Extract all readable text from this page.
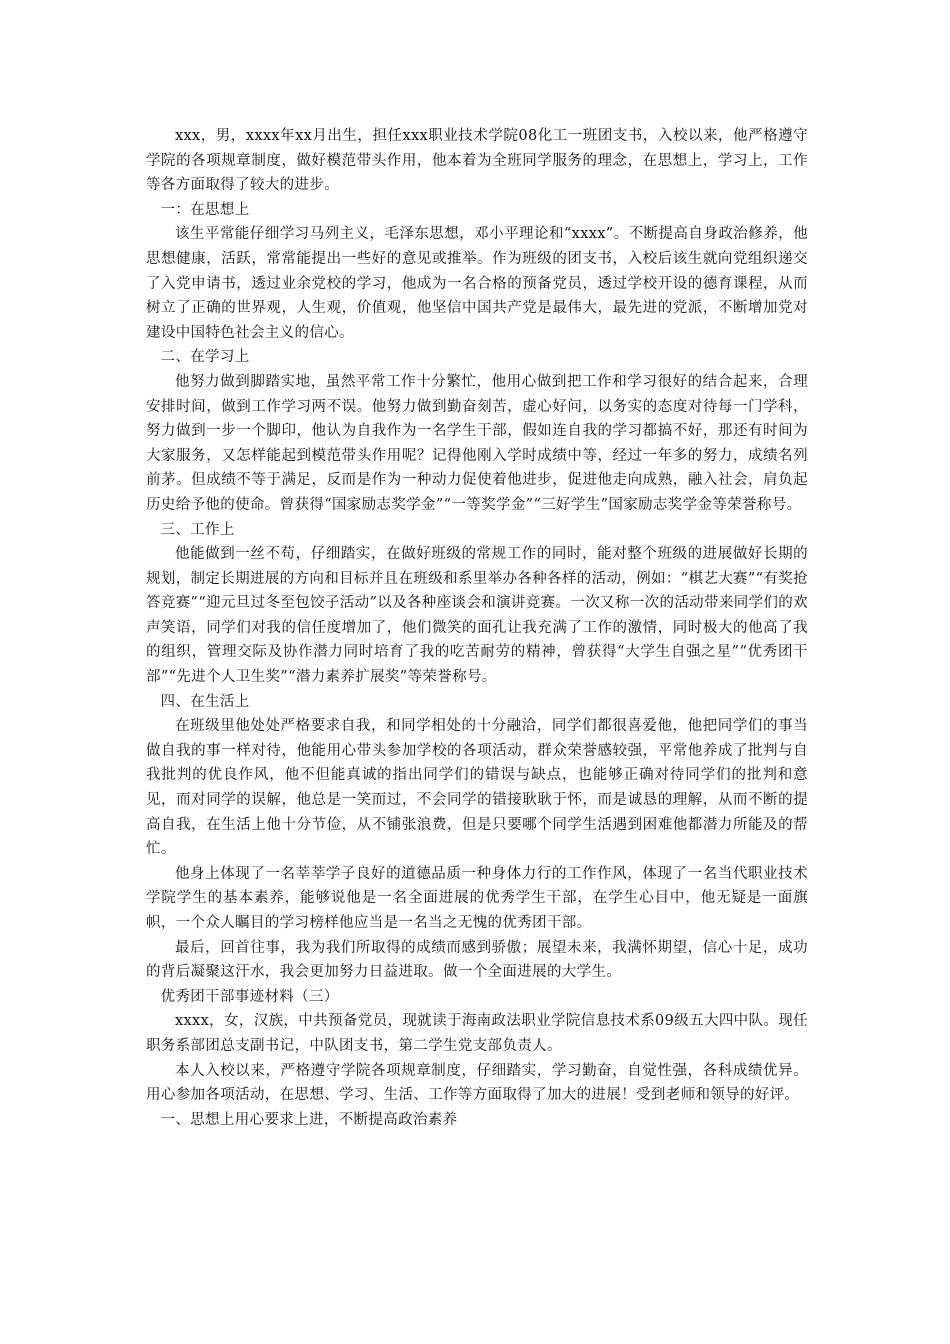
xxx，男，xxxx年xx月出生，担任xxx职业技术学院08化工一班团支书，入校以来，他严格遵守学院的各项规章制度，做好模范带头作用，他本着为全班同学服务的理念，在思想上，学习上，工作等各方面取得了较大的进步。

一：在思想上

该生平常能仔细学习马列主义，毛泽东思想，邓小平理论和“xxxx”。不断提高自身政治修养，他思想健康，活跃，常常能提出一些好的意见或推举。作为班级的团支书，入校后该生就向党组织递交了入党申请书，透过业余党校的学习，他成为一名合格的预备党员，透过学校开设的德育课程，从而树立了正确的世界观，人生观，价值观，他坚信中国共产党是最伟大，最先进的党派，不断增加党对建设中国特色社会主义的信心。

二、在学习上

他努力做到脚踏实地，虽然平常工作十分繁忙，他用心做到把工作和学习很好的结合起来，合理安排时间，做到工作学习两不误。他努力做到勤奋刻苦，虚心好问，以务实的态度对待每一门学科，努力做到一步一个脚印，他认为自我作为一名学生干部，假如连自我的学习都搞不好，那还有时间为大家服务，又怎样能起到模范带头作用呢？记得他刚入学时成绩中等，经过一年多的努力，成绩名列前茅。但成绩不等于满足，反而是作为一种动力促使着他进步，促进他走向成熟，融入社会，肩负起历史给予他的使命。曾获得“国家励志奖学金”“一等奖学金”“三好学生”国家励志奖学金等荣誉称号。

三、工作上

他能做到一丝不苟，仔细踏实，在做好班级的常规工作的同时，能对整个班级的进展做好长期的规划，制定长期进展的方向和目标并且在班级和系里举办各种各样的活动，例如：“棋艺大赛”“有奖抢答竞赛”“迎元旦过冬至包饺子活动”以及各种座谈会和演讲竞赛。一次又称一次的活动带来同学们的欢声笑语，同学们对我的信任度增加了，他们微笑的面孔让我充满了工作的激情，同时极大的他高了我的组织，管理交际及协作潜力同时培育了我的吃苦耐劳的精神，曾获得“大学生自强之星”“优秀团干部”“先进个人卫生奖”“潜力素养扩展奖”等荣誉称号。

四、在生活上

在班级里他处处严格要求自我，和同学相处的十分融洽，同学们都很喜爱他，他把同学们的事当做自我的事一样对待，他能用心带头参加学校的各项活动，群众荣誉感较强，平常他养成了批判与自我批判的优良作风，他不但能真诚的指出同学们的错误与缺点，也能够正确对待同学们的批判和意见，而对同学的误解，他总是一笑而过，不会同学的错接耿耿于怀，而是诚恳的理解，从而不断的提高自我，在生活上他十分节俭，从不铺张浪费，但是只要哪个同学生活遇到困难他都潜力所能及的帮忙。

他身上体现了一名莘莘学子良好的道德品质一种身体力行的工作作风，体现了一名当代职业技术学院学生的基本素养，能够说他是一名全面进展的优秀学生干部，在学生心目中，他无疑是一面旗帜，一个众人瞩目的学习榜样他应当是一名当之无愧的优秀团干部。

最后，回首往事，我为我们所取得的成绩而感到骄傲；展望未来，我满怀期望，信心十足，成功的背后凝聚这汗水，我会更加努力日益进取。做一个全面进展的大学生。

优秀团干部事迹材料（三）

xxxx，女，汉族，中共预备党员，现就读于海南政法职业学院信息技术系09级五大四中队。现任职务系部团总支副书记，中队团支书，第二学生党支部负责人。

本人入校以来，严格遵守学院各项规章制度，仔细踏实，学习勤奋，自觉性强，各科成绩优异。用心参加各项活动，在思想、学习、生活、工作等方面取得了加大的进展！受到老师和领导的好评。

一、思想上用心要求上进，不断提高政治素养
